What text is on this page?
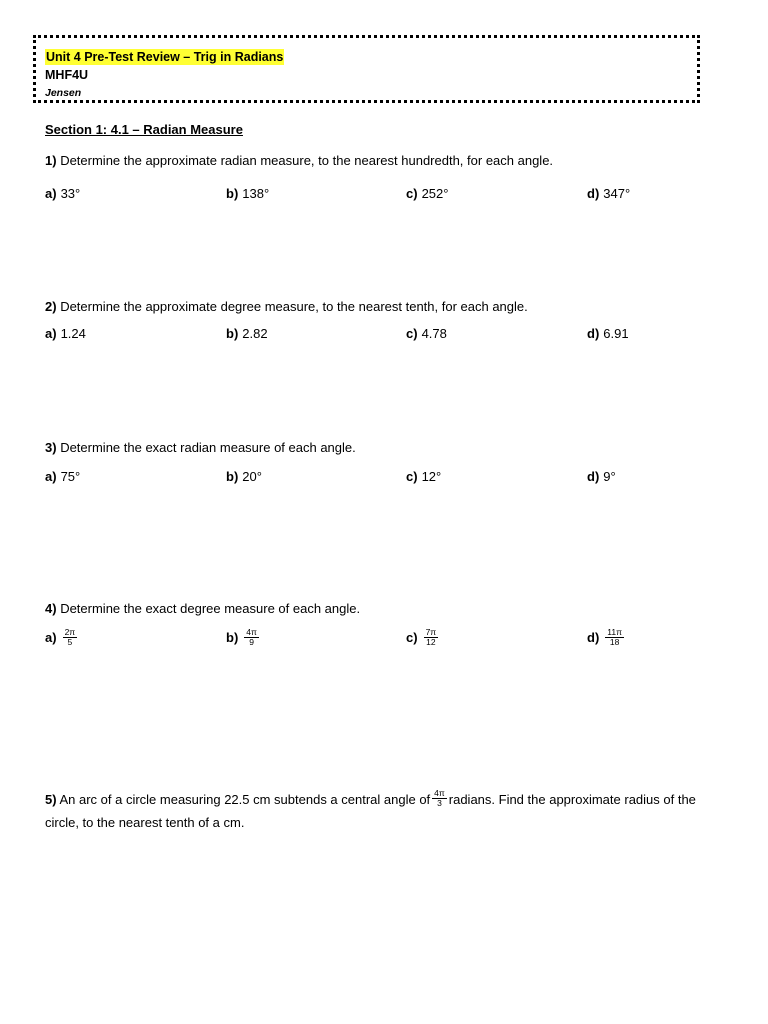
Unit 4 Pre-Test Review – Trig in Radians
MHF4U
Jensen
Section 1: 4.1 – Radian Measure
1) Determine the approximate radian measure, to the nearest hundredth, for each angle.
a) 33°	b) 138°	c) 252°	d) 347°
2) Determine the approximate degree measure, to the nearest tenth, for each angle.
a) 1.24	b) 2.82	c) 4.78	d) 6.91
3) Determine the exact radian measure of each angle.
a) 75°	b) 20°	c) 12°	d) 9°
4) Determine the exact degree measure of each angle.
$a) \frac{2\pi}{5}$	$b) \frac{4\pi}{9}$	$c) \frac{7\pi}{12}$	$d) \frac{11\pi}{18}$
5) An arc of a circle measuring 22.5 cm subtends a central angle of $\frac{4\pi}{3}$ radians. Find the approximate radius of the circle, to the nearest tenth of a cm.
